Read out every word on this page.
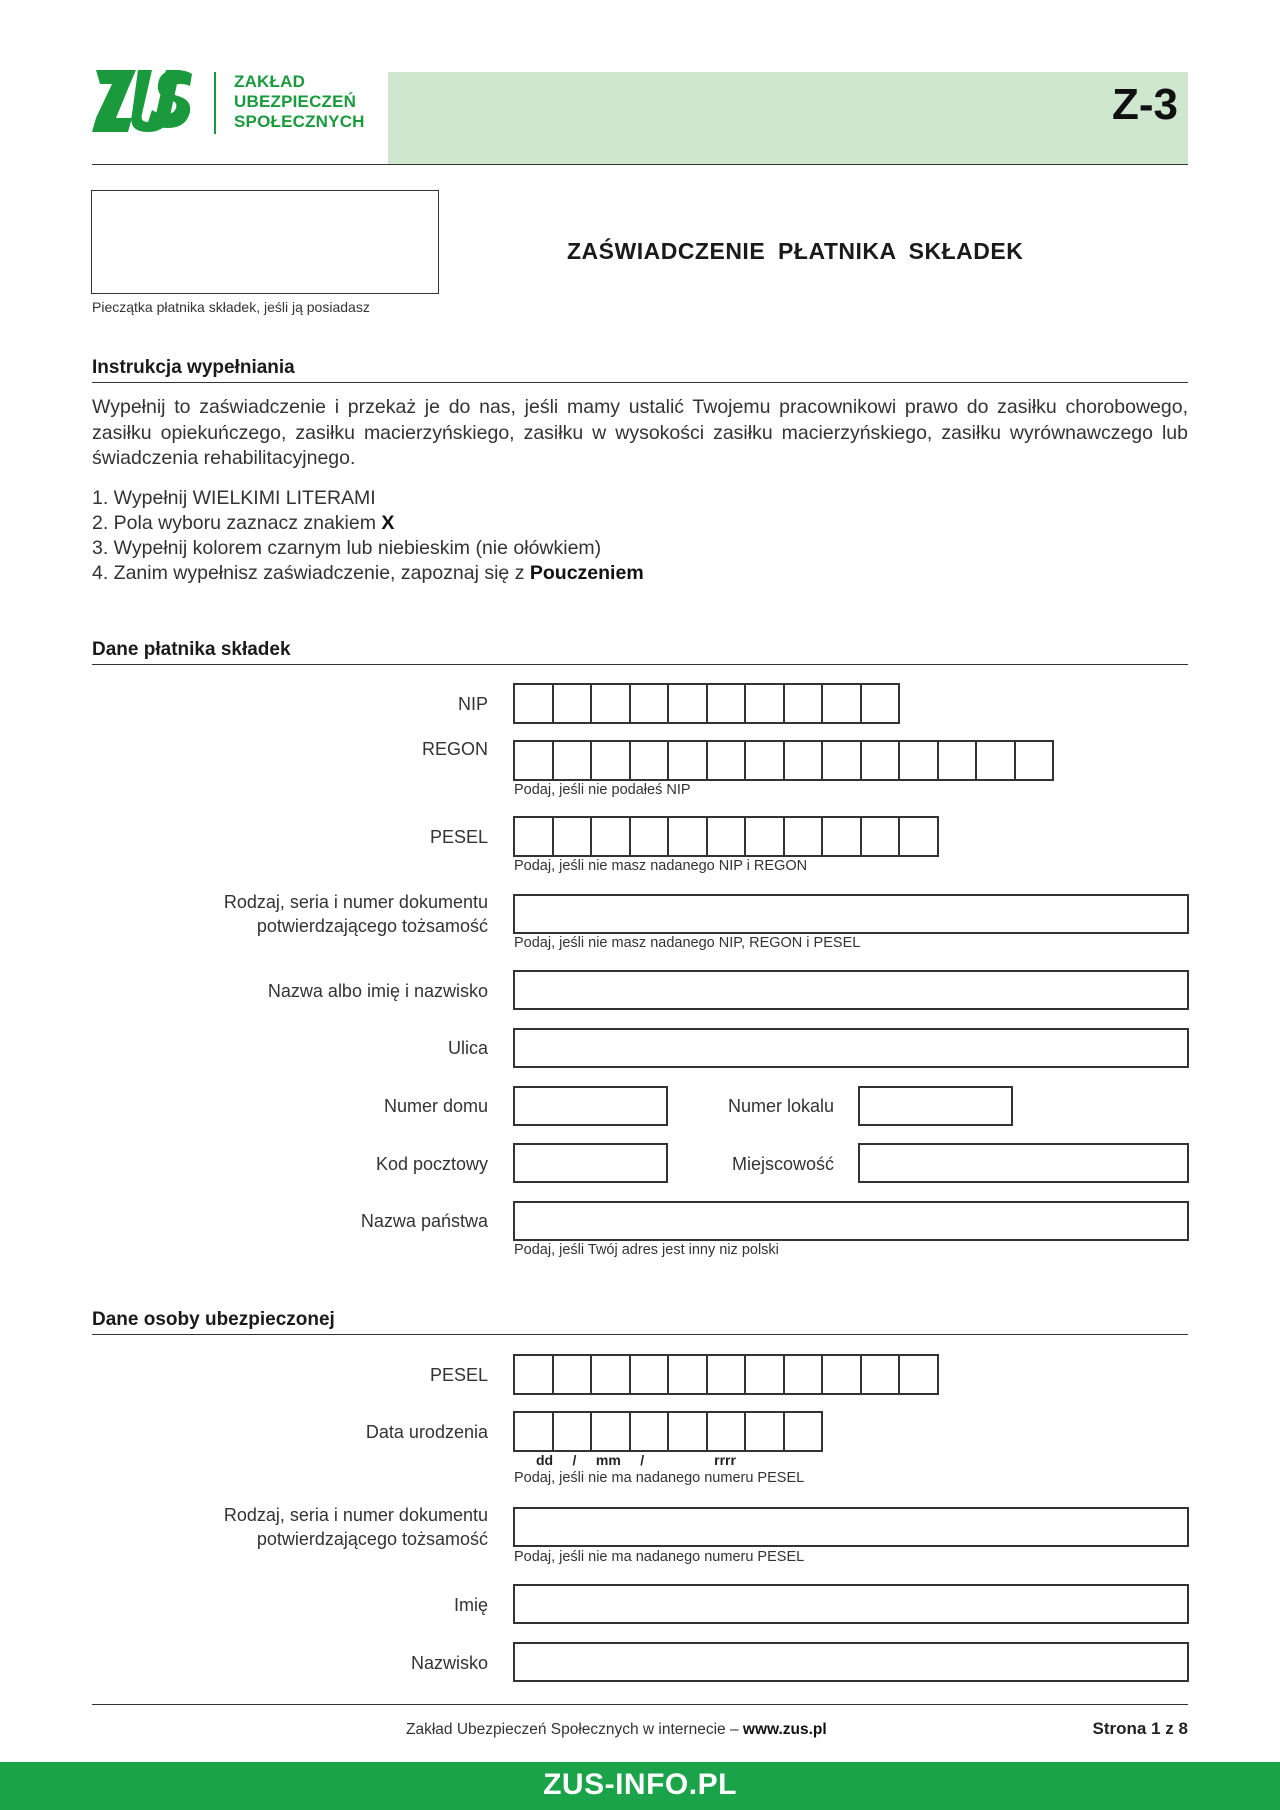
ZAKŁAD
UBEZPIECZEŃ
SPOŁECZNYCH	Z-3
Pieczątka płatnika składek, jeśli ją posiadasz
ZAŚWIADCZENIE PŁATNIKA SKŁADEK
Instrukcja wypełniania
Wypełnij to zaświadczenie i przekaż je do nas, jeśli mamy ustalić Twojemu pracownikowi prawo do zasiłku chorobowego, zasiłku opiekuńczego, zasiłku macierzyńskiego, zasiłku w wysokości zasiłku macierzyńskiego, zasiłku wyrównawczego lub świadczenia rehabilitacyjnego.
1. Wypełnij WIELKIMI LITERAMI
2. Pola wyboru zaznacz znakiem X
3. Wypełnij kolorem czarnym lub niebieskim (nie ołówkiem)
4. Zanim wypełnisz zaświadczenie, zapoznaj się z Pouczeniem
Dane płatnika składek
NIP
REGON
Podaj, jeśli nie podałeś NIP
PESEL
Podaj, jeśli nie masz nadanego NIP i REGON
Rodzaj, seria i numer dokumentu
potwierdzającego tożsamość
Podaj, jeśli nie masz nadanego NIP, REGON i PESEL
Nazwa albo imię i nazwisko
Ulica
Numer domu	Numer lokalu
Kod pocztowy	Miejscowość
Nazwa państwa
Podaj, jeśli Twój adres jest inny niz polski
Dane osoby ubezpieczonej
PESEL
Data urodzenia
dd     /     mm     /                  rrrr
Podaj, jeśli nie ma nadanego numeru PESEL
Rodzaj, seria i numer dokumentu
potwierdzającego tożsamość
Podaj, jeśli nie ma nadanego numeru PESEL
Imię
Nazwisko
Zakład Ubezpieczeń Społecznych w internecie – www.zus.pl	Strona 1 z 8
ZUS-INFO.PL
